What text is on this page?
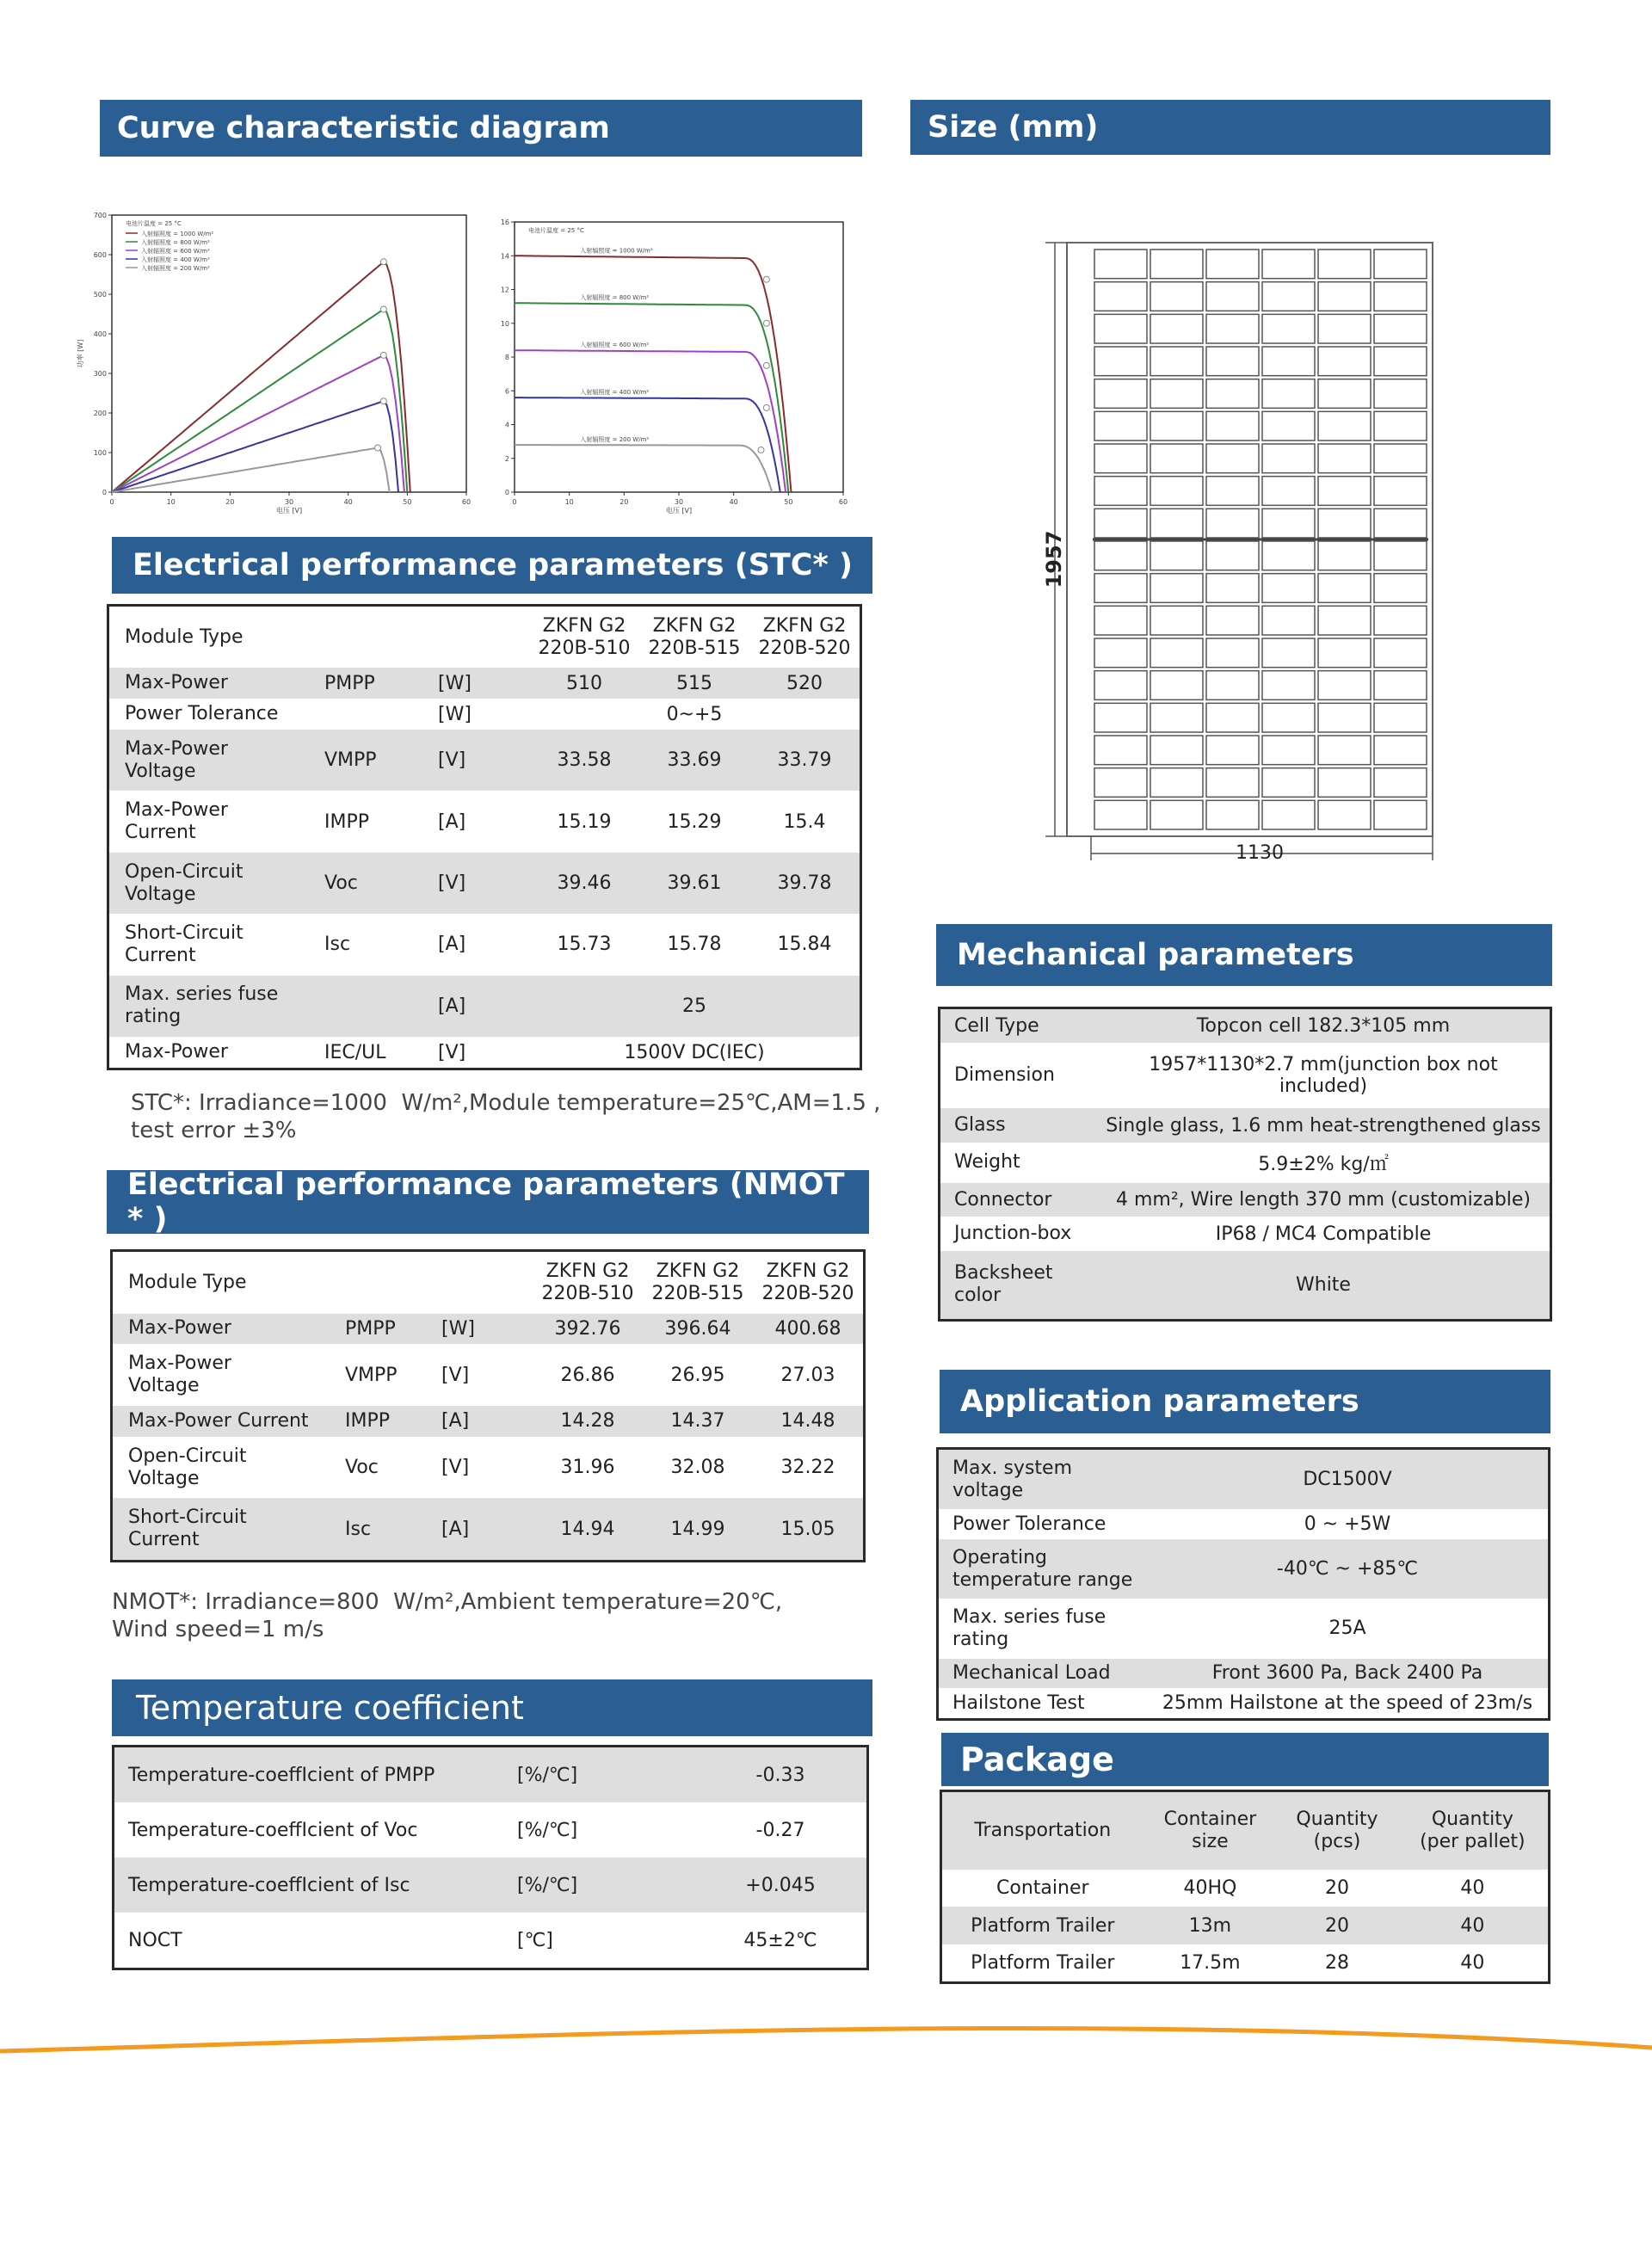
Curve characteristic diagram	Size (mm)
0	10	20	30	40	50	60
0
100
200
300
400
500
600
700
电压 [V]
功率 [W]
电池片温度 = 25 °C
入射辐照度 = 1000 W/m²
入射辐照度 = 800 W/m²
入射辐照度 = 600 W/m²
入射辐照度 = 400 W/m²
入射辐照度 = 200 W/m²
0	10	20	30	40	50	60
0
2
4
6
8
10
12
14
16
电压 [V]
电池片温度 = 25 °C
入射辐照度 = 1000 W/m²
入射辐照度 = 800 W/m²
入射辐照度 = 600 W/m²
入射辐照度 = 400 W/m²
入射辐照度 = 200 W/m²
1957
1130
Electrical performance parameters (STC* )
Module Type			ZKFN G2
220B-510	ZKFN G2
220B-515	ZKFN G2
220B-520
Max-Power	PMPP	[W]	510	515	520
Power Tolerance		[W]	0~+5		
Max-Power
Voltage	VMPP	[V]	33.58	33.69	33.79
Max-Power
Current	IMPP	[A]	15.19	15.29	15.4
Open-Circuit
Voltage	Voc	[V]	39.46	39.61	39.78
Short-Circuit
Current	Isc	[A]	15.73	15.78	15.84
Max. series fuse
rating		[A]	25		
Max-Power	IEC/UL	[V]	1500V DC(IEC)		
STC*: Irradiance=1000  W/m²,Module temperature=25℃,AM=1.5 ,
test error ±3%
Electrical performance parameters (NMOT * )
Module Type			ZKFN G2
220B-510	ZKFN G2
220B-515	ZKFN G2
220B-520
Max-Power	PMPP	[W]	392.76	396.64	400.68
Max-Power
Voltage	VMPP	[V]	26.86	26.95	27.03
Max-Power Current	IMPP	[A]	14.28	14.37	14.48
Open-Circuit
Voltage	Voc	[V]	31.96	32.08	32.22
Short-Circuit
Current	Isc	[A]	14.94	14.99	15.05
NMOT*: Irradiance=800  W/m²,Ambient temperature=20℃,
Wind speed=1 m/s
Temperature coefficient
Temperature-coeffIcient of PMPP	[%/℃]	-0.33
Temperature-coeffIcient of Voc	[%/℃]	-0.27
Temperature-coeffIcient of Isc	[%/℃]	+0.045
NOCT	[℃]	45±2℃
Mechanical parameters
Cell Type	Topcon cell 182.3*105 mm
Dimension	1957*1130*2.7 mm(junction box not included)
Glass	Single glass, 1.6 mm heat-strengthened glass
Weight	5.9±2% kg/㎡
Connector	4 mm², Wire length 370 mm (customizable)
Junction-box	IP68 / MC4 Compatible
Backsheet color	White
Application parameters
Max. system voltage	DC1500V
Power Tolerance	0 ~ +5W
Operating
temperature range	-40℃ ~ +85℃
Max. series fuse rating	25A
Mechanical Load	Front 3600 Pa, Back 2400 Pa
Hailstone Test	25mm Hailstone at the speed of 23m/s
Package
Transportation	Container
size	Quantity
(pcs)	Quantity
(per pallet)
Container	40HQ	20	40
Platform Trailer	13m	20	40
Platform Trailer	17.5m	28	40
